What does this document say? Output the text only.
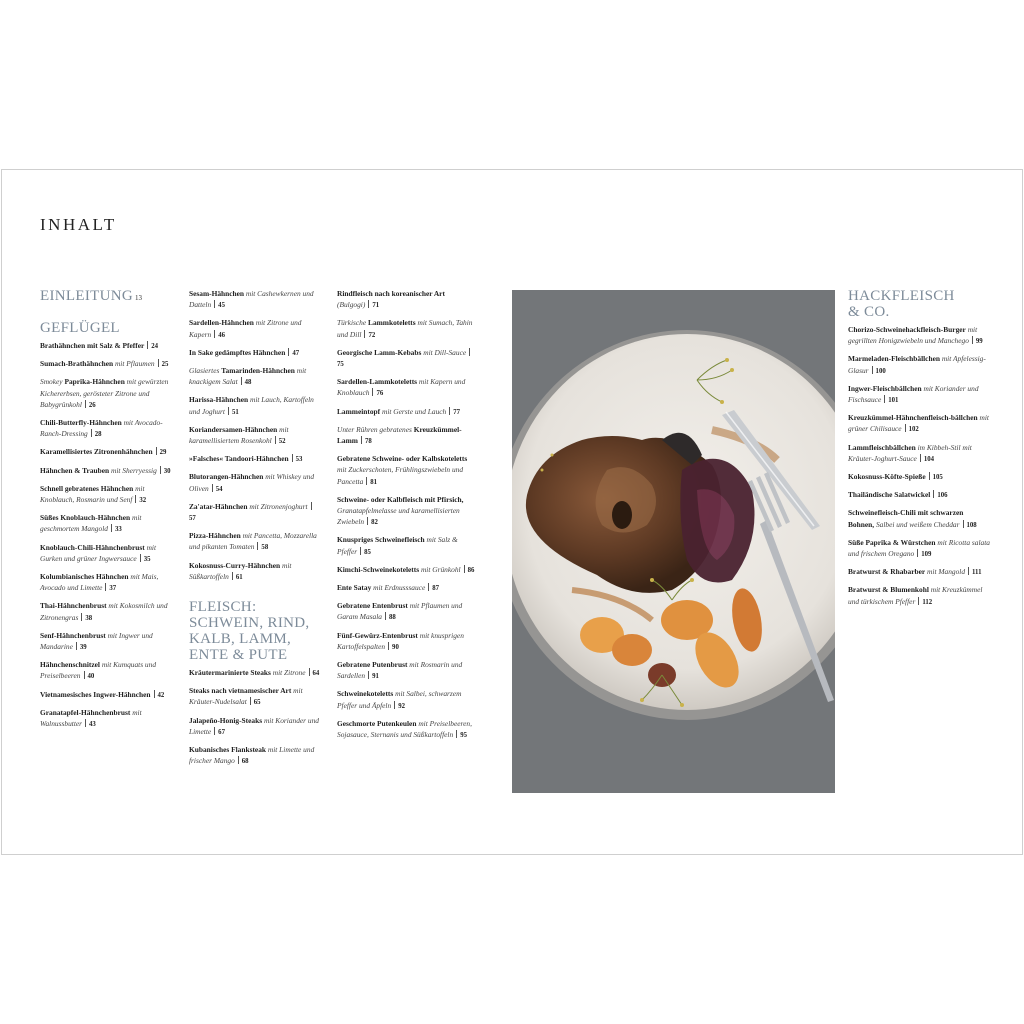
INHALT
EINLEITUNG 13
GEFLÜGEL
Brathähnchen mit Salz & Pfeffer 24
Sumach-Brathähnchen mit Pflaumen 25
Smokey Paprika-Hähnchen mit gewürzten Kichererbsen, gerösteter Zitrone und Babygrünkohl 26
Chili-Butterfly-Hähnchen mit Avocado-Ranch-Dressing 28
Karamellisiertes Zitronenhähnchen 29
Hähnchen & Trauben mit Sherryessig 30
Schnell gebratenes Hähnchen mit Knoblauch, Rosmarin und Senf 32
Süßes Knoblauch-Hähnchen mit geschmortem Mangold 33
Knoblauch-Chili-Hähnchenbrust mit Gurken und grüner Ingwersauce 35
Kolumbianisches Hähnchen mit Mais, Avocado und Limette 37
Thai-Hähnchenbrust mit Kokosmilch und Zitronengras 38
Senf-Hähnchenbrust mit Ingwer und Mandarine 39
Hähnchenschnitzel mit Kumquats und Preiselbeeren 40
Vietnamesisches Ingwer-Hähnchen 42
Granatapfel-Hähnchenbrust mit Walnussbutter 43
Sesam-Hähnchen mit Cashewkernen und Datteln 45
Sardellen-Hähnchen mit Zitrone und Kapern 46
In Sake gedämpftes Hähnchen 47
Glasiertes Tamarinden-Hähnchen mit knackigem Salat 48
Harissa-Hähnchen mit Lauch, Kartoffeln und Joghurt 51
Koriandersamen-Hähnchen mit karamellisiertem Rosenkohl 52
»Falsches« Tandoori-Hähnchen 53
Blutorangen-Hähnchen mit Whiskey und Oliven 54
Za'atar-Hähnchen mit Zitronenjoghurt57
Pizza-Hähnchen mit Pancetta, Mozzarella und pikanten Tomaten 58
Kokosnuss-Curry-Hähnchen mit Süßkartoffeln 61
FLEISCH: SCHWEIN, RIND, KALB, LAMM, ENTE & PUTE
Kräutermarinierte Steaks mit Zitrone 64
Steaks nach vietnamesischer Art mit Kräuter-Nudelsalat 65
Jalapeño-Honig-Steaks mit Koriander und Limette 67
Kubanisches Flanksteak mit Limette und frischer Mango 68
Rindfleisch nach koreanischer Art (Bulgogi) 71
Türkische Lammkoteletts mit Sumach, Tahin und Dill 72
Georgische Lamm-Kebabs mit Dill-Sauce75
Sardellen-Lammkoteletts mit Kapern und Knoblauch 76
Lammeintopf mit Gerste und Lauch 77
Unter Rühren gebratenes Kreuzkümmel-Lamm 78
Gebratene Schweine- oder Kalbskoteletts mit Zuckerschoten, Frühlingszwiebeln und Pancetta 81
Schweine- oder Kalbfleisch mit Pfirsich, Granatapfelmelasse und karamellisierten Zwiebeln 82
Knuspriges Schweinefleisch mit Salz & Pfeffer 85
Kimchi-Schweinekoteletts mit Grünkohl 86
Ente Satay mit Erdnusssauce 87
Gebratene Entenbrust mit Pflaumen und Garam Masala 88
Fünf-Gewürz-Entenbrust mit knusprigen Kartoffelspalten 90
Gebratene Putenbrust mit Rosmarin und Sardellen 91
Schweinekoteletts mit Salbei, schwarzem Pfeffer und Äpfeln 92
Geschmorte Putenkeulen mit Preiselbeeren, Sojasauce, Sternanis und Süßkartoffeln 95
HACKFLEISCH & CO.
Chorizo-Schweinehackfleisch-Burger mit gegrillten Honigzwiebeln und Manchego 99
Marmeladen-Fleischbällchen mit Apfelessig-Glasur 100
Ingwer-Fleischbällchen mit Koriander und Fischsauce 101
Kreuzkümmel-Hähnchenfleisch-bällchen mit grüner Chilisauce 102
Lammfleischbällchen im Kibbeh-Stil mit Kräuter-Joghurt-Sauce 104
Kokosnuss-Köfte-Spieße 105
Thailändische Salatwickel 106
Schweinefleisch-Chili mit schwarzen Bohnen, Salbei und weißem Cheddar 108
Süße Paprika & Würstchen mit Ricotta salata und frischem Oregano 109
Bratwurst & Rhabarber mit Mangold 111
Bratwurst & Blumenkohl mit Kreuzkümmel und türkischem Pfeffer 112
